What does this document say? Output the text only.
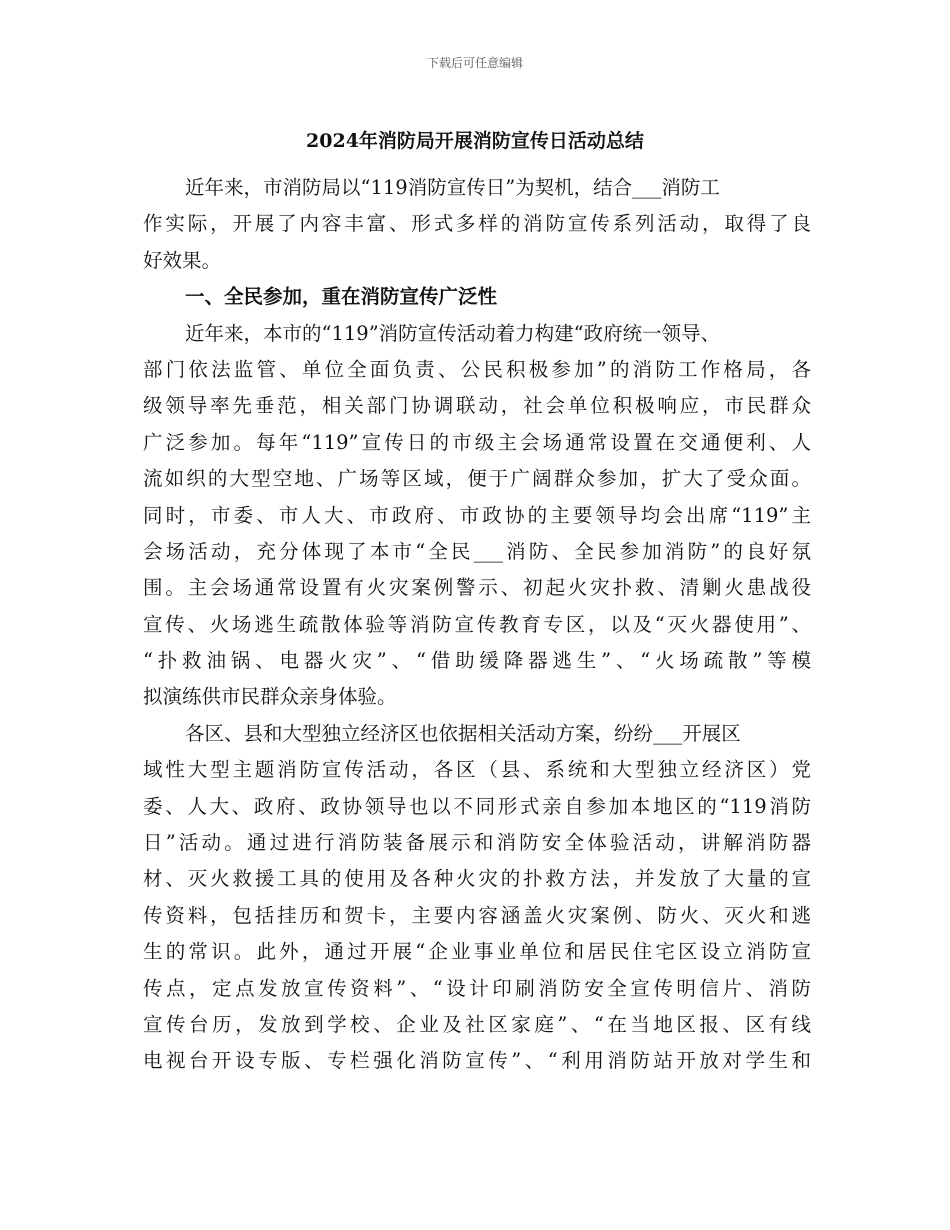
下载后可任意编辑
2024年消防局开展消防宣传日活动总结
近年来，市消防局以“119消防宣传日”为契机，结合___消防工
作实际，开展了内容丰富、形式多样的消防宣传系列活动，取得了良
好效果。
一、全民参加，重在消防宣传广泛性
近年来，本市的“119”消防宣传活动着力构建“政府统一领导、
部门依法监管、单位全面负责、公民积极参加”的消防工作格局，各
级领导率先垂范，相关部门协调联动，社会单位积极响应，市民群众
广泛参加。每年“119”宣传日的市级主会场通常设置在交通便利、人
流如织的大型空地、广场等区域，便于广阔群众参加，扩大了受众面。
同时，市委、市人大、市政府、市政协的主要领导均会出席“119”主
会场活动，充分体现了本市“全民___消防、全民参加消防”的良好氛
围。主会场通常设置有火灾案例警示、初起火灾扑救、清剿火患战役
宣传、火场逃生疏散体验等消防宣传教育专区，以及“灭火器使用”、
“扑救油锅、电器火灾”、“借助缓降器逃生”、“火场疏散”等模
拟演练供市民群众亲身体验。
各区、县和大型独立经济区也依据相关活动方案，纷纷___开展区
域性大型主题消防宣传活动，各区（县、系统和大型独立经济区）党
委、人大、政府、政协领导也以不同形式亲自参加本地区的“119消防
日”活动。通过进行消防装备展示和消防安全体验活动，讲解消防器
材、灭火救援工具的使用及各种火灾的扑救方法，并发放了大量的宣
传资料，包括挂历和贺卡，主要内容涵盖火灾案例、防火、灭火和逃
生的常识。此外，通过开展“企业事业单位和居民住宅区设立消防宣
传点，定点发放宣传资料”、“设计印刷消防安全宣传明信片、消防
宣传台历，发放到学校、企业及社区家庭”、“在当地区报、区有线
电视台开设专版、专栏强化消防宣传”、“利用消防站开放对学生和
